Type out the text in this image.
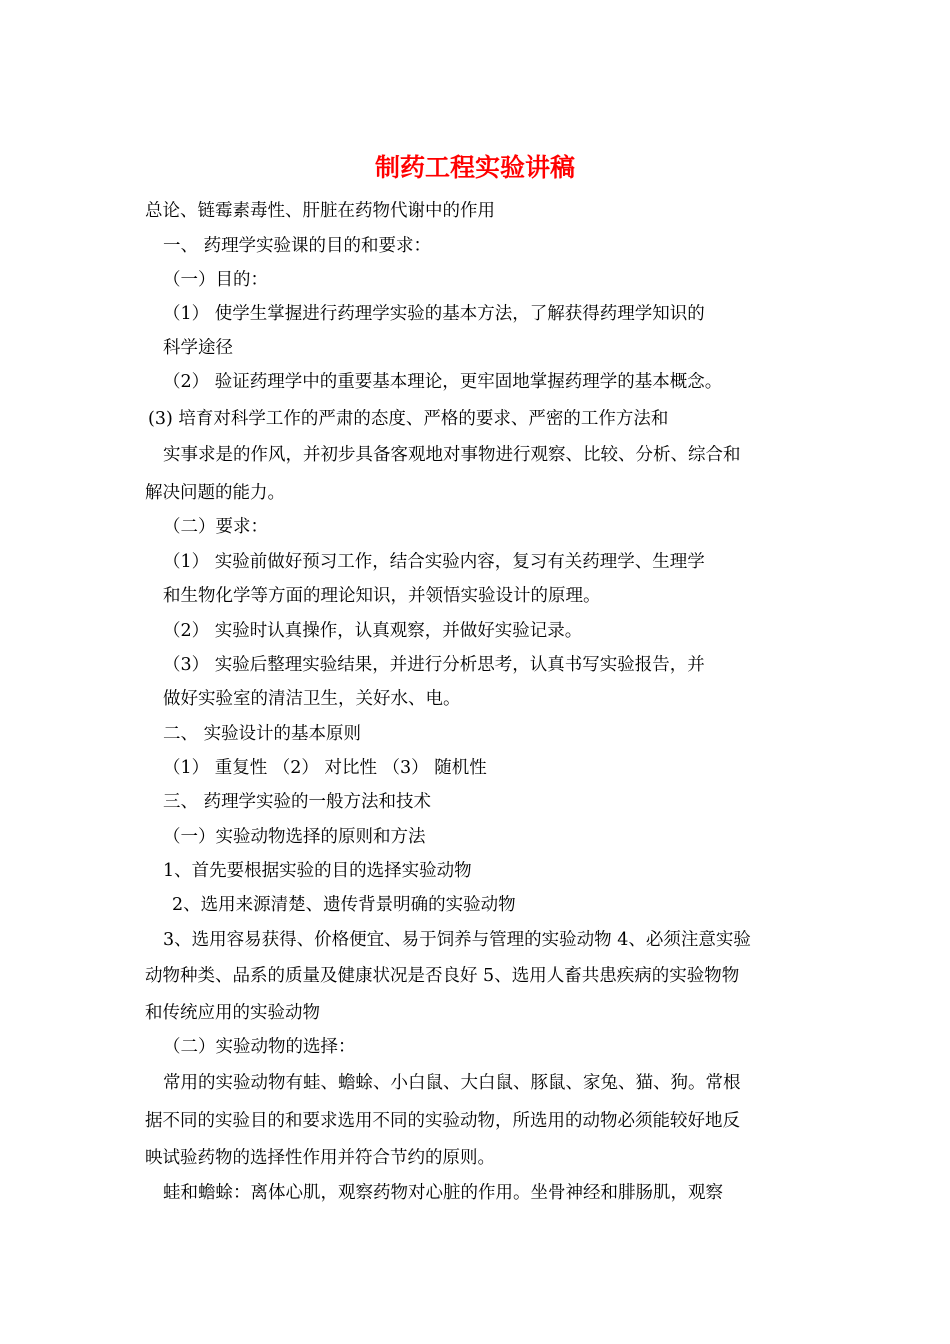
制药工程实验讲稿

总论、链霉素毒性、肝脏在药物代谢中的作用

一、 药理学实验课的目的和要求：

（一）目的：

（1） 使学生掌握进行药理学实验的基本方法，了解获得药理学知识的

科学途径

（2） 验证药理学中的重要基本理论，更牢固地掌握药理学的基本概念。

(3) 培育对科学工作的严肃的态度、严格的要求、严密的工作方法和

实事求是的作风，并初步具备客观地对事物进行观察、比较、分析、综合和

解决问题的能力。

（二）要求：

（1） 实验前做好预习工作，结合实验内容，复习有关药理学、生理学

和生物化学等方面的理论知识，并领悟实验设计的原理。

（2） 实验时认真操作，认真观察，并做好实验记录。

（3） 实验后整理实验结果，并进行分析思考，认真书写实验报告，并

做好实验室的清洁卫生，关好水、电。

二、 实验设计的基本原则

（1） 重复性 （2） 对比性 （3） 随机性

三、 药理学实验的一般方法和技术

（一）实验动物选择的原则和方法

1、首先要根据实验的目的选择实验动物

2、选用来源清楚、遗传背景明确的实验动物

3、选用容易获得、价格便宜、易于饲养与管理的实验动物 4、必须注意实验

动物种类、品系的质量及健康状况是否良好 5、选用人畜共患疾病的实验物物

和传统应用的实验动物

（二）实验动物的选择：

常用的实验动物有蛙、蟾蜍、小白鼠、大白鼠、豚鼠、家兔、猫、狗。常根

据不同的实验目的和要求选用不同的实验动物，所选用的动物必须能较好地反

映试验药物的选择性作用并符合节约的原则。

蛙和蟾蜍：离体心肌，观察药物对心脏的作用。坐骨神经和腓肠肌，观察
